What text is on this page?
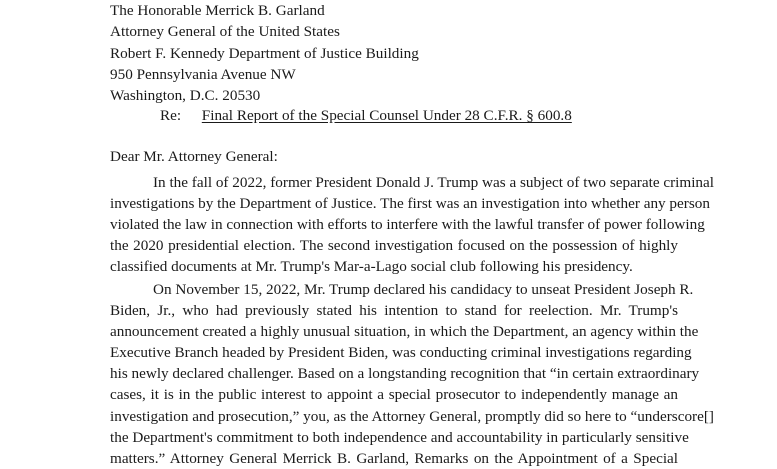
The Honorable Merrick B. Garland
Attorney General of the United States
Robert F. Kennedy Department of Justice Building
950 Pennsylvania Avenue NW
Washington, D.C. 20530
Re: Final Report of the Special Counsel Under 28 C.F.R. § 600.8
Dear Mr. Attorney General:
In the fall of 2022, former President Donald J. Trump was a subject of two separate criminal
investigations by the Department of Justice. The first was an investigation into whether any person
violated the law in connection with efforts to interfere with the lawful transfer of power following
the 2020 presidential election. The second investigation focused on the possession of highly
classified documents at Mr. Trump's Mar-a-Lago social club following his presidency.
On November 15, 2022, Mr. Trump declared his candidacy to unseat President Joseph R.
Biden, Jr., who had previously stated his intention to stand for reelection. Mr. Trump's
announcement created a highly unusual situation, in which the Department, an agency within the
Executive Branch headed by President Biden, was conducting criminal investigations regarding
his newly declared challenger. Based on a longstanding recognition that “in certain extraordinary
cases, it is in the public interest to appoint a special prosecutor to independently manage an
investigation and prosecution,” you, as the Attorney General, promptly did so here to “underscore[]
the Department's commitment to both independence and accountability in particularly sensitive
matters.” Attorney General Merrick B. Garland, Remarks on the Appointment of a Special
